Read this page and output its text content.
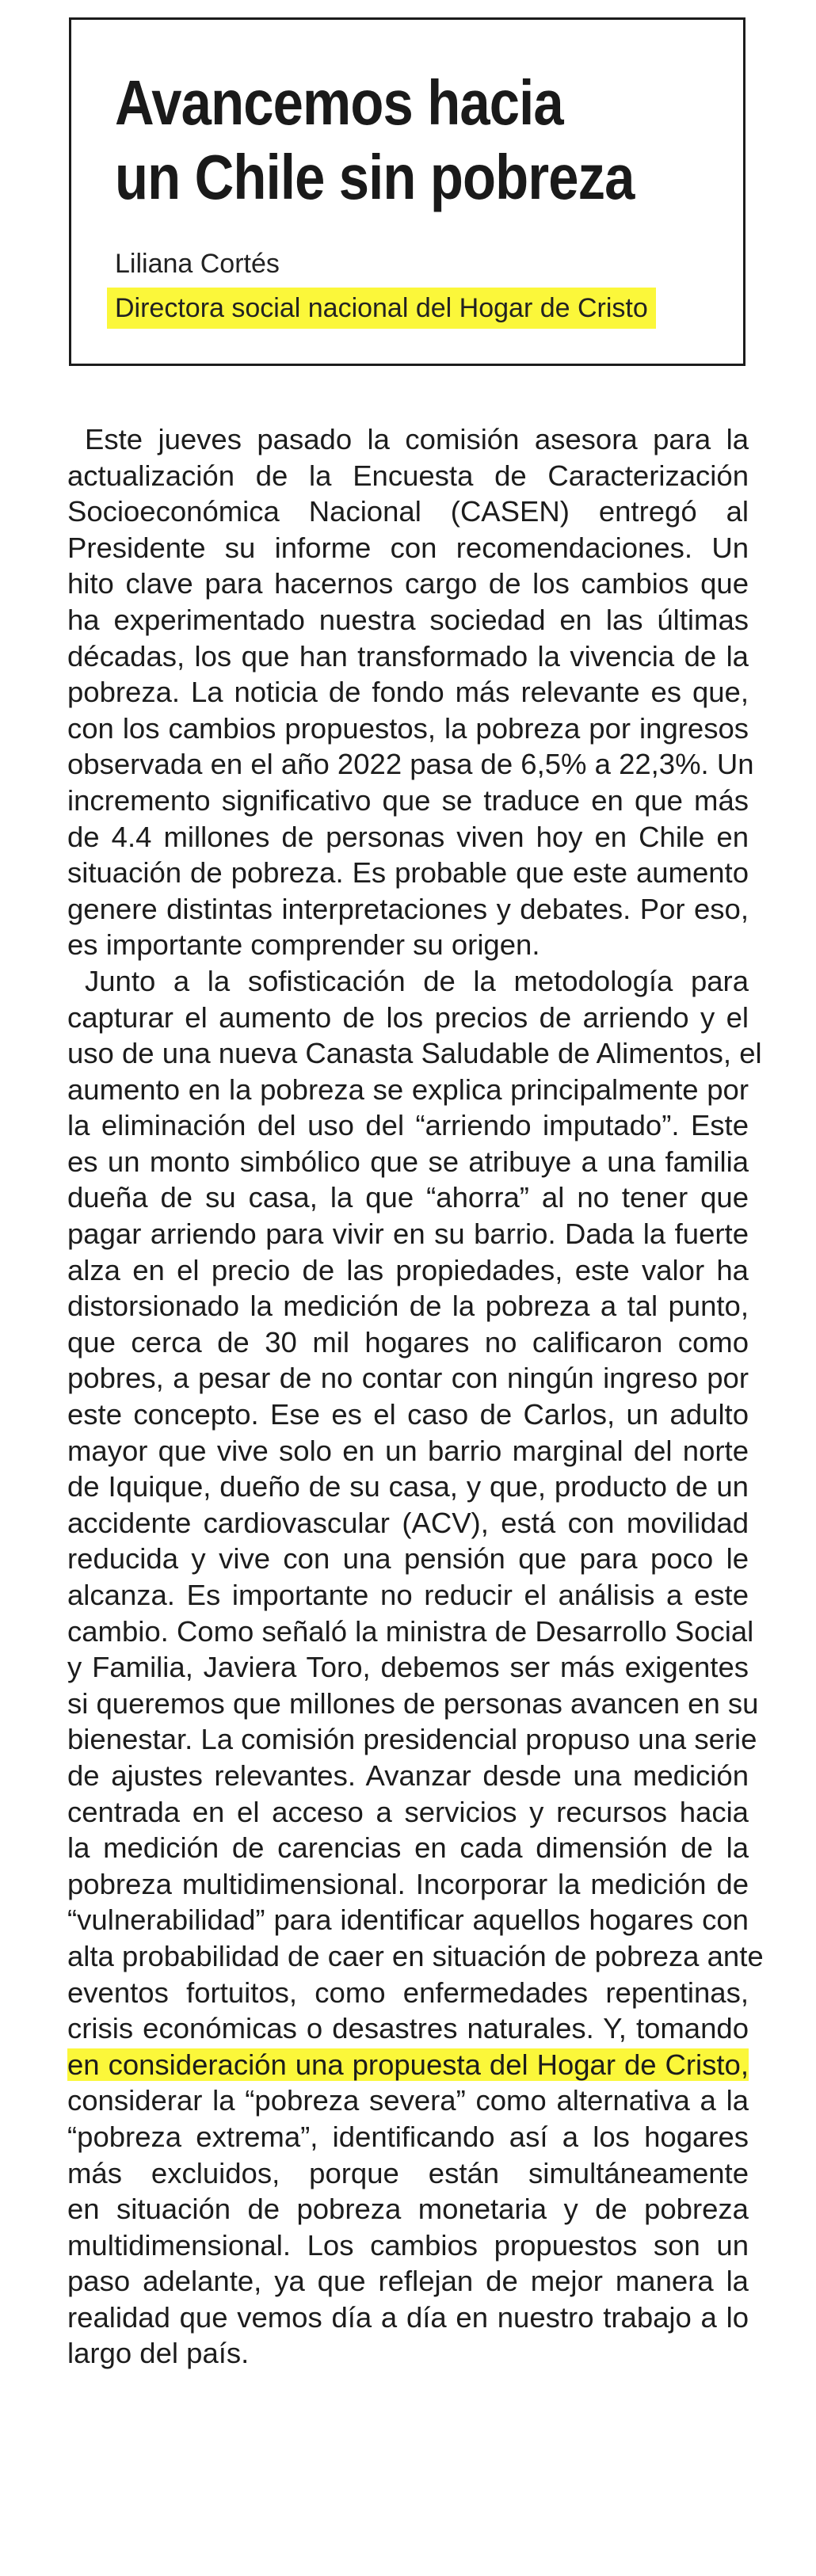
Avancemos hacia
un Chile sin pobreza
Liliana Cortés
Directora social nacional del Hogar de Cristo
Este jueves pasado la comisión asesora para la
actualización de la Encuesta de Caracterización
Socioeconómica Nacional (CASEN) entregó al
Presidente su informe con recomendaciones. Un
hito clave para hacernos cargo de los cambios que
ha experimentado nuestra sociedad en las últimas
décadas, los que han transformado la vivencia de la
pobreza. La noticia de fondo más relevante es que,
con los cambios propuestos, la pobreza por ingresos
observada en el año 2022 pasa de 6,5% a 22,3%. Un
incremento significativo que se traduce en que más
de 4.4 millones de personas viven hoy en Chile en
situación de pobreza. Es probable que este aumento
genere distintas interpretaciones y debates. Por eso,
es importante comprender su origen.
Junto a la sofisticación de la metodología para
capturar el aumento de los precios de arriendo y el
uso de una nueva Canasta Saludable de Alimentos, el
aumento en la pobreza se explica principalmente por
la eliminación del uso del “arriendo imputado”. Este
es un monto simbólico que se atribuye a una familia
dueña de su casa, la que “ahorra” al no tener que
pagar arriendo para vivir en su barrio. Dada la fuerte
alza en el precio de las propiedades, este valor ha
distorsionado la medición de la pobreza a tal punto,
que cerca de 30 mil hogares no calificaron como
pobres, a pesar de no contar con ningún ingreso por
este concepto. Ese es el caso de Carlos, un adulto
mayor que vive solo en un barrio marginal del norte
de Iquique, dueño de su casa, y que, producto de un
accidente cardiovascular (ACV), está con movilidad
reducida y vive con una pensión que para poco le
alcanza. Es importante no reducir el análisis a este
cambio. Como señaló la ministra de Desarrollo Social
y Familia, Javiera Toro, debemos ser más exigentes
si queremos que millones de personas avancen en su
bienestar. La comisión presidencial propuso una serie
de ajustes relevantes. Avanzar desde una medición
centrada en el acceso a servicios y recursos hacia
la medición de carencias en cada dimensión de la
pobreza multidimensional. Incorporar la medición de
“vulnerabilidad” para identificar aquellos hogares con
alta probabilidad de caer en situación de pobreza ante
eventos fortuitos, como enfermedades repentinas,
crisis económicas o desastres naturales. Y, tomando
en consideración una propuesta del Hogar de Cristo,
considerar la “pobreza severa” como alternativa a la
“pobreza extrema”, identificando así a los hogares
más excluidos, porque están simultáneamente
en situación de pobreza monetaria y de pobreza
multidimensional. Los cambios propuestos son un
paso adelante, ya que reflejan de mejor manera la
realidad que vemos día a día en nuestro trabajo a lo
largo del país.
